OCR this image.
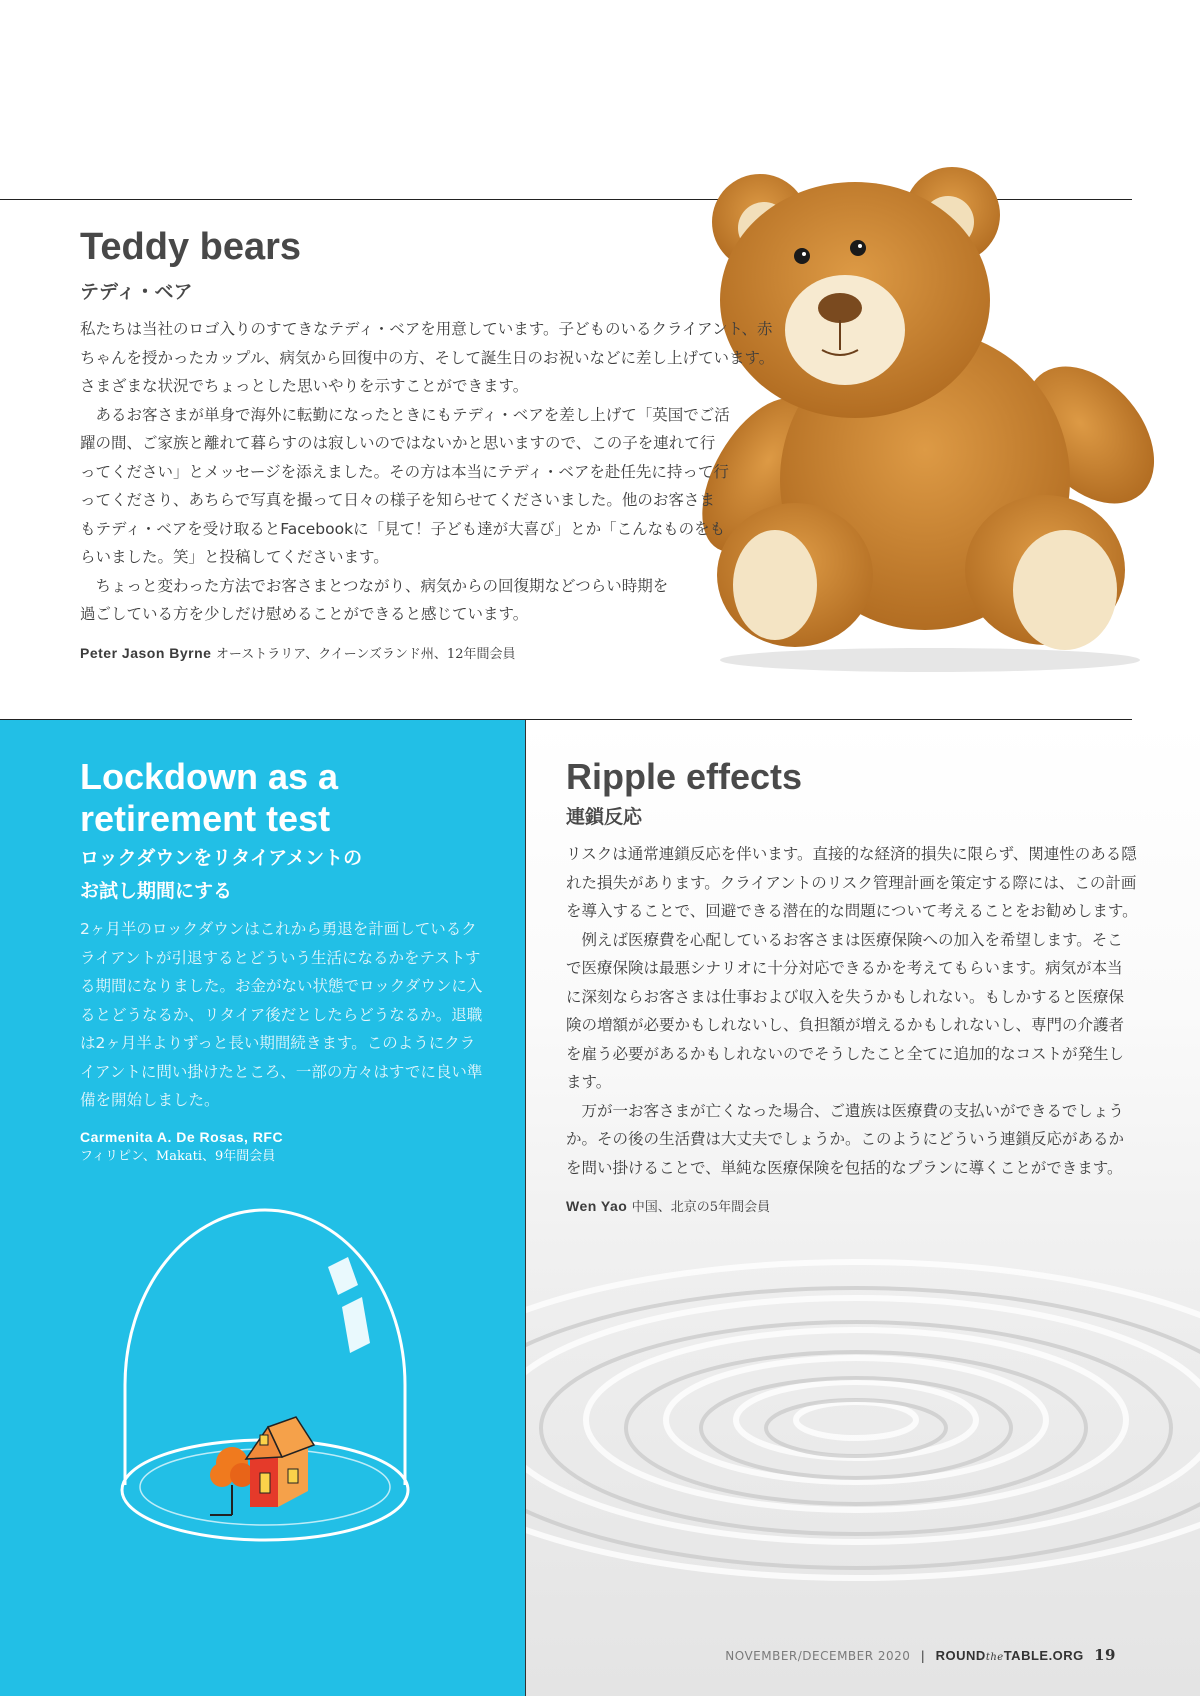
Teddy bears
テディ・ベア

私たちは当社のロゴ入りのすてきなテディ・ベアを用意しています。子どものいるクライアント、赤ちゃんを授かったカップル、病気から回復中の方、そして誕生日のお祝いなどに差し上げています。さまざまな状況でちょっとした思いやりを示すことができます。

　あるお客さまが単身で海外に転勤になったときにもテディ・ベアを差し上げて「英国でご活躍の間、ご家族と離れて暮らすのは寂しいのではないかと思いますので、この子を連れて行ってください」とメッセージを添えました。その方は本当にテディ・ベアを赴任先に持って行ってくださり、あちらで写真を撮って日々の様子を知らせてくださいました。他のお客さまもテディ・ベアを受け取るとFacebookに「見て！子ども達が大喜び」とか「こんなものをもらいました。笑」と投稿してくださいます。

　ちょっと変わった方法でお客さまとつながり、病気からの回復期などつらい時期を過ごしている方を少しだけ慰めることができると感じています。

Peter Jason Byrne オーストラリア、クイーンズランド州、12年間会員
Lockdown as a
retirement test
ロックダウンをリタイアメントの
お試し期間にする

2ヶ月半のロックダウンはこれから勇退を計画しているクライアントが引退するとどういう生活になるかをテストする期間になりました。お金がない状態でロックダウンに入るとどうなるか、リタイア後だとしたらどうなるか。退職は2ヶ月半よりずっと長い期間続きます。このようにクライアントに問い掛けたところ、一部の方々はすでに良い準備を開始しました。

Carmenita A. De Rosas, RFC
フィリピン、Makati、9年間会員
Ripple effects
連鎖反応

リスクは通常連鎖反応を伴います。直接的な経済的損失に限らず、関連性のある隠れた損失があります。クライアントのリスク管理計画を策定する際には、この計画を導入することで、回避できる潜在的な問題について考えることをお勧めします。

　例えば医療費を心配しているお客さまは医療保険への加入を希望します。そこで医療保険は最悪シナリオに十分対応できるかを考えてもらいます。病気が本当に深刻ならお客さまは仕事および収入を失うかもしれない。もしかすると医療保険の増額が必要かもしれないし、負担額が増えるかもしれないし、専門の介護者を雇う必要があるかもしれないのでそうしたこと全てに追加的なコストが発生します。

　万が一お客さまが亡くなった場合、ご遺族は医療費の支払いができるでしょうか。その後の生活費は大丈夫でしょうか。このようにどういう連鎖反応があるかを問い掛けることで、単純な医療保険を包括的なプランに導くことができます。

Wen Yao 中国、北京の5年間会員
NOVEMBER/DECEMBER 2020 | ROUNDtheTABLE.ORG 19
